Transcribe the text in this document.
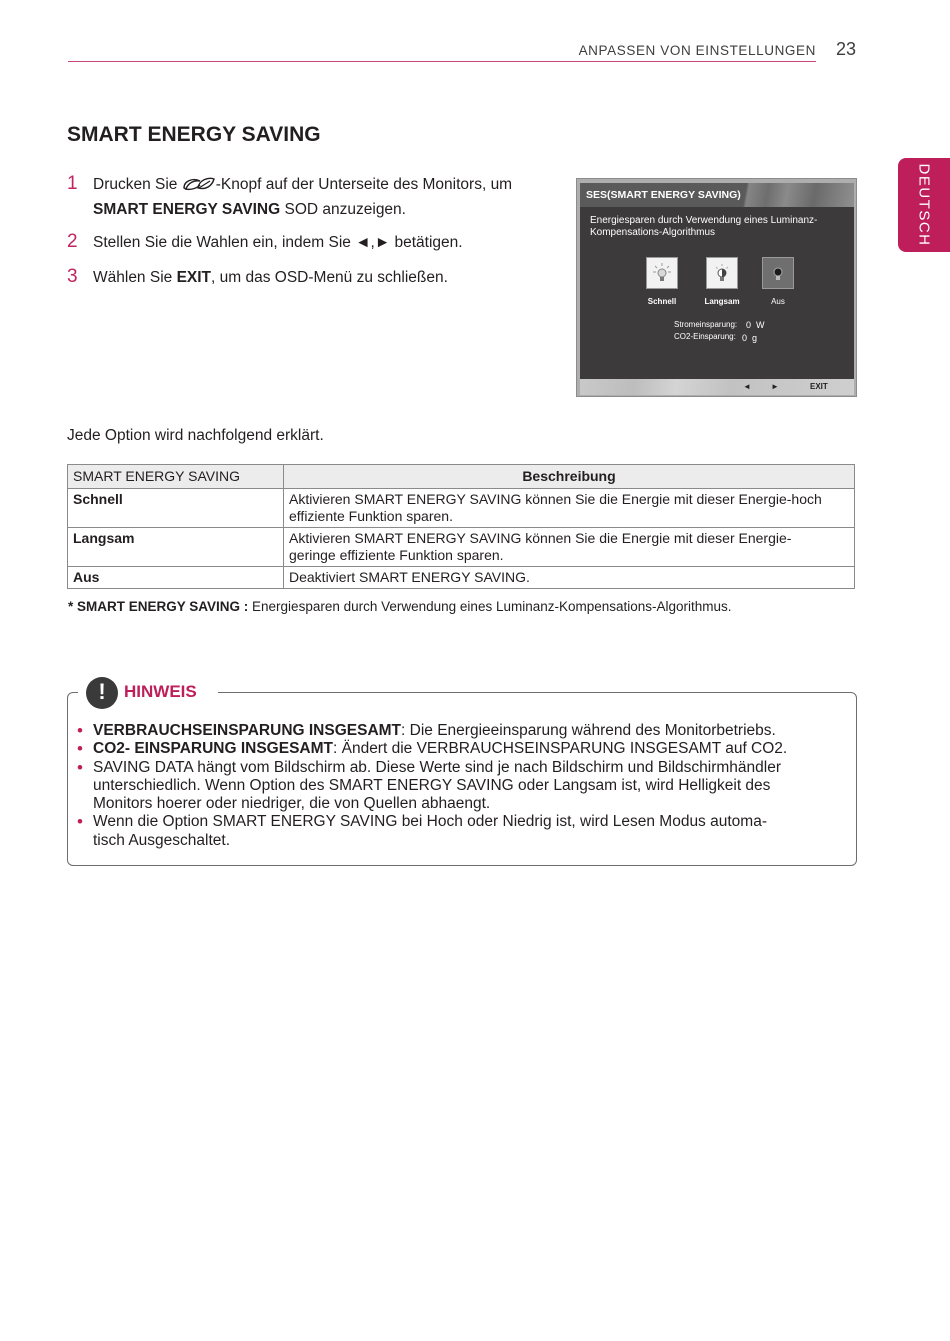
ANPASSEN VON EINSTELLUNGEN 23
DEUTSCH
SMART ENERGY SAVING
1 Drucken Sie -Knopf auf der Unterseite des Monitors, um
SMART ENERGY SAVING SOD anzuzeigen.
2 Stellen Sie die Wahlen ein, indem Sie ◄,► betätigen.
3 Wählen Sie EXIT, um das OSD-Menü zu schließen.
SES(SMART ENERGY SAVING)
Energiesparen durch Verwendung eines Luminanz-
Kompensations-Algorithmus
Schnell	Langsam	Aus
Stromeinsparung: 0 W
CO2-Einsparung: 0 g
◄	►	EXIT

Jede Option wird nachfolgend erklärt.

SMART ENERGY SAVING	Beschreibung
Schnell	Aktivieren SMART ENERGY SAVING können Sie die Energie mit dieser Energie-hoch
effiziente Funktion sparen.
Langsam	Aktivieren SMART ENERGY SAVING können Sie die Energie mit dieser Energie-
geringe effiziente Funktion sparen.
Aus	Deaktiviert SMART ENERGY SAVING.

* SMART ENERGY SAVING : Energiesparen durch Verwendung eines Luminanz-Kompensations-Algorithmus.

!
HINWEIS
• VERBRAUCHSEINSPARUNG INSGESAMT: Die Energieeinsparung während des Monitorbetriebs.
• CO2- EINSPARUNG INSGESAMT: Ändert die VERBRAUCHSEINSPARUNG INSGESAMT auf CO2.
• SAVING DATA hängt vom Bildschirm ab. Diese Werte sind je nach Bildschirm und Bildschirmhändler
unterschiedlich. Wenn Option des SMART ENERGY SAVING oder Langsam ist, wird Helligkeit des
Monitors hoerer oder niedriger, die von Quellen abhaengt.
• Wenn die Option SMART ENERGY SAVING bei Hoch oder Niedrig ist, wird Lesen Modus automa-
tisch Ausgeschaltet.
